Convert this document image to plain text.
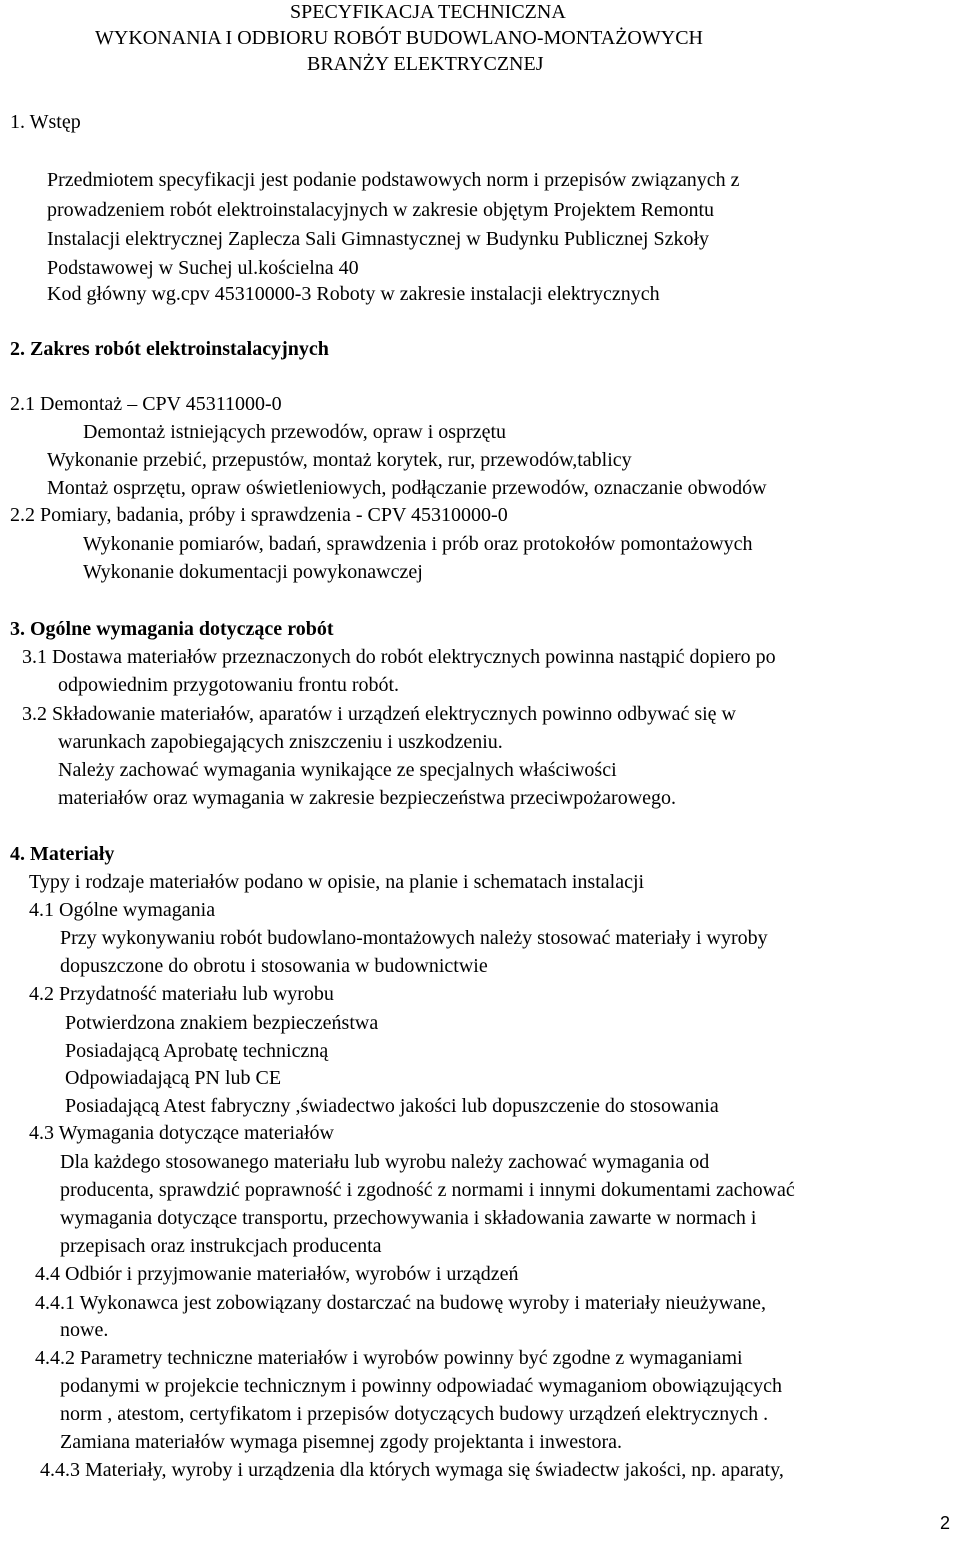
SPECYFIKACJA TECHNICZNA
WYKONANIA I ODBIORU ROBÓT BUDOWLANO-MONTAŻOWYCH
BRANŻY ELEKTRYCZNEJ
1. Wstęp
Przedmiotem specyfikacji jest podanie podstawowych norm i przepisów związanych z
prowadzeniem robót elektroinstalacyjnych w zakresie objętym Projektem Remontu
Instalacji elektrycznej Zaplecza Sali Gimnastycznej w Budynku Publicznej Szkoły
Podstawowej w Suchej ul.kościelna 40
Kod główny wg.cpv 45310000-3 Roboty w zakresie instalacji elektrycznych
2. Zakres robót elektroinstalacyjnych
2.1 Demontaż – CPV 45311000-0
Demontaż istniejących przewodów, opraw i osprzętu
Wykonanie przebić, przepustów, montaż korytek, rur, przewodów,tablicy
Montaż osprzętu, opraw oświetleniowych, podłączanie przewodów, oznaczanie obwodów
2.2 Pomiary, badania, próby i sprawdzenia - CPV 45310000-0
Wykonanie pomiarów, badań, sprawdzenia i prób oraz protokołów pomontażowych
Wykonanie dokumentacji powykonawczej
3. Ogólne wymagania dotyczące robót
3.1 Dostawa materiałów przeznaczonych do robót elektrycznych powinna nastąpić dopiero po
odpowiednim przygotowaniu frontu robót.
3.2 Składowanie materiałów, aparatów i urządzeń elektrycznych powinno odbywać się w
warunkach zapobiegających zniszczeniu i uszkodzeniu.
Należy zachować wymagania wynikające ze specjalnych właściwości
materiałów oraz wymagania w zakresie bezpieczeństwa przeciwpożarowego.
4. Materiały
Typy i rodzaje materiałów podano w opisie, na planie i schematach instalacji
4.1 Ogólne wymagania
Przy wykonywaniu robót budowlano-montażowych należy stosować materiały i wyroby
dopuszczone do obrotu i stosowania w budownictwie
4.2 Przydatność materiału lub wyrobu
Potwierdzona znakiem bezpieczeństwa
Posiadającą Aprobatę techniczną
Odpowiadającą PN lub CE
Posiadającą Atest fabryczny ,świadectwo jakości lub dopuszczenie do stosowania
4.3 Wymagania dotyczące materiałów
Dla każdego stosowanego materiału lub wyrobu należy zachować wymagania od
producenta, sprawdzić poprawność i zgodność z normami i innymi dokumentami zachować
wymagania dotyczące transportu, przechowywania i składowania zawarte w normach i
przepisach oraz instrukcjach producenta
4.4 Odbiór i przyjmowanie materiałów, wyrobów i urządzeń
4.4.1 Wykonawca jest zobowiązany dostarczać na budowę wyroby i materiały nieużywane,
nowe.
4.4.2 Parametry techniczne materiałów i wyrobów powinny być zgodne z wymaganiami
podanymi w projekcie technicznym i powinny odpowiadać wymaganiom obowiązujących
norm , atestom, certyfikatom i przepisów dotyczących budowy urządzeń elektrycznych .
Zamiana materiałów wymaga pisemnej zgody projektanta i inwestora.
4.4.3 Materiały, wyroby i urządzenia dla których wymaga się świadectw jakości, np. aparaty,
2
